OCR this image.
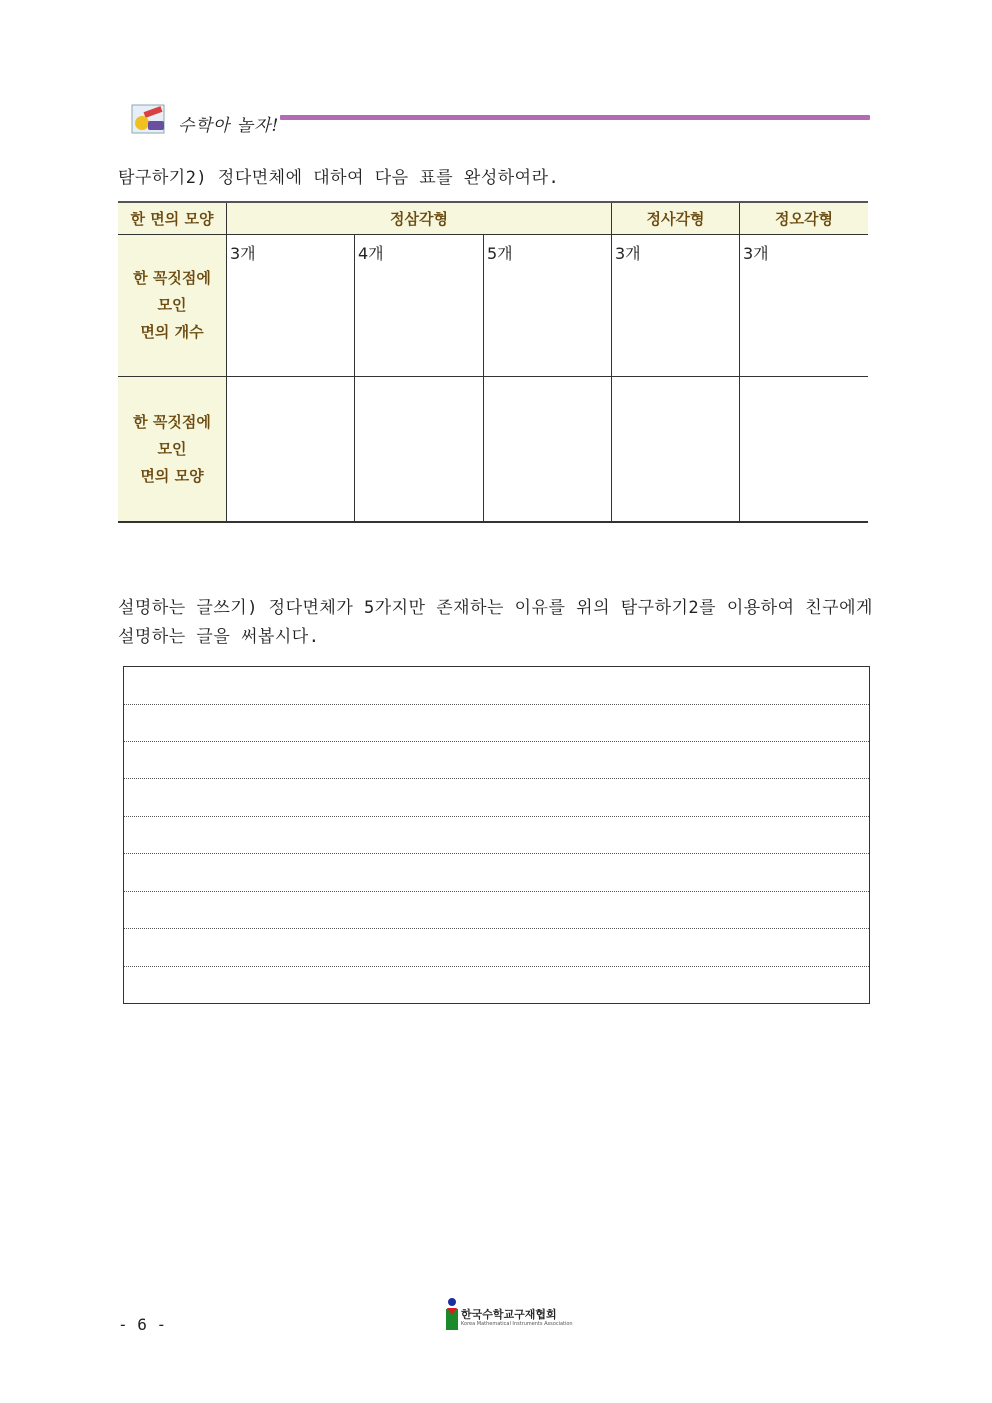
수학아 놀자!
탐구하기2) 정다면체에 대하여 다음 표를 완성하여라.
한 면의 모양	정삼각형			정사각형	정오각형

한 꼭짓점에
모인
면의 개수	3개	4개	5개	3개	3개

한 꼭짓점에
모인
면의 모양					

설명하는 글쓰기) 정다면체가 5가지만 존재하는 이유를 위의 탐구하기2를 이용하여 친구에게 설명하는 글을 써봅시다.
- 6 -
한국수학교구재협회
Korea Mathematical Instruments Association
